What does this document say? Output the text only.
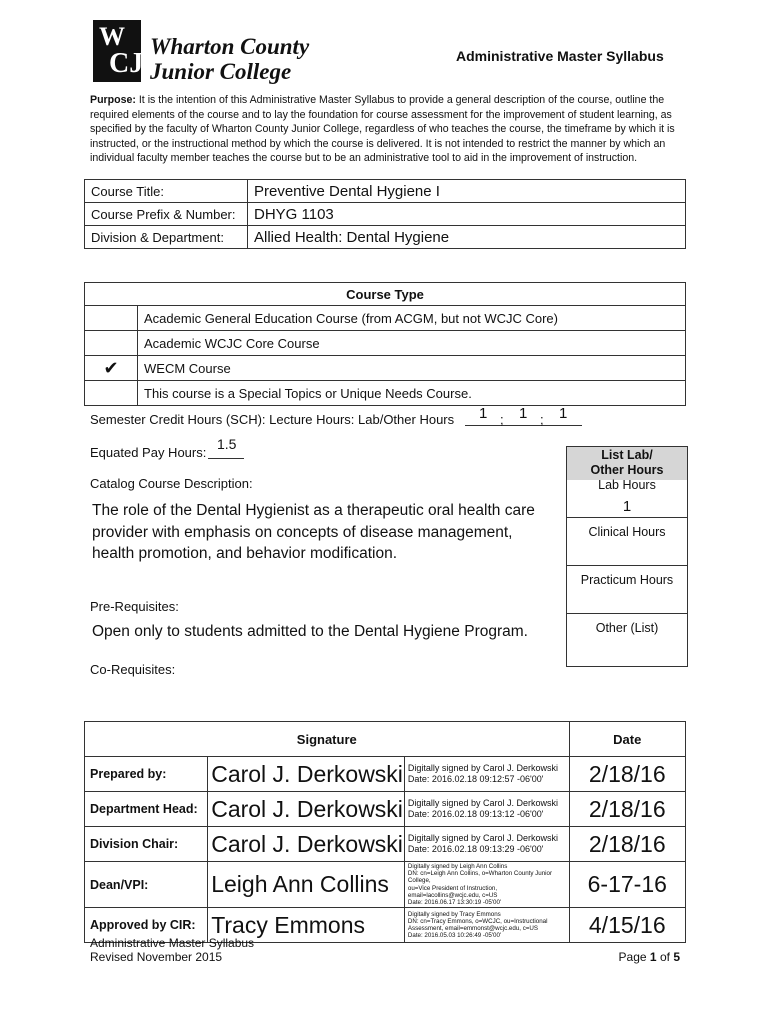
W
CJC
Wharton County
Junior College
Administrative Master Syllabus
Purpose: It is the intention of this Administrative Master Syllabus to provide a general description of the course, outline the required elements of the course and to lay the foundation for course assessment for the improvement of student learning, as specified by the faculty of Wharton County Junior College, regardless of who teaches the course, the timeframe by which it is instructed, or the instructional method by which the course is delivered. It is not intended to restrict the manner by which an individual faculty member teaches the course but to be an administrative tool to aid in the improvement of instruction.
Course Title:	Preventive Dental Hygiene I
Course Prefix & Number:	DHYG 1103
Division & Department:	Allied Health: Dental Hygiene
Course Type	
	Academic General Education Course (from ACGM, but not WCJC Core)
	Academic WCJC Core Course
✔	WECM Course
	This course is a Special Topics or Unique Needs Course.
Semester Credit Hours (SCH): Lecture Hours: Lab/Other Hours 1 ; 1 ; 1
Equated Pay Hours:
1.5
List Lab/
Other Hours
Lab Hours
1
Clinical Hours
Practicum Hours
Other (List)
Catalog Course Description:
The role of the Dental Hygienist as a therapeutic oral health care provider with emphasis on concepts of disease management, health promotion, and behavior modification.
Pre-Requisites:
Open only to students admitted to the Dental Hygiene Program.
Co-Requisites:
Signature			Date
Prepared by:	Carol J. Derkowski	Digitally signed by Carol J. Derkowski
Date: 2016.02.18 09:12:57 -06'00'	2/18/16
Department Head:	Carol J. Derkowski	Digitally signed by Carol J. Derkowski
Date: 2016.02.18 09:13:12 -06'00'	2/18/16
Division Chair:	Carol J. Derkowski	Digitally signed by Carol J. Derkowski
Date: 2016.02.18 09:13:29 -06'00'	2/18/16
Dean/VPI:	Leigh Ann Collins	Digitally signed by Leigh Ann Collins
DN: cn=Leigh Ann Collins, o=Wharton County Junior College,
ou=Vice President of Instruction, email=lacollins@wcjc.edu, c=US
Date: 2016.06.17 13:30:19 -05'00'	6-17-16
Approved by CIR:	Tracy Emmons	Digitally signed by Tracy Emmons
DN: cn=Tracy Emmons, o=WCJC, ou=Instructional
Assessment, email=emmonst@wcjc.edu, c=US
Date: 2016.05.03 10:26:49 -05'00'	4/15/16
Administrative Master Syllabus
Revised November 2015	Page 1 of 5
